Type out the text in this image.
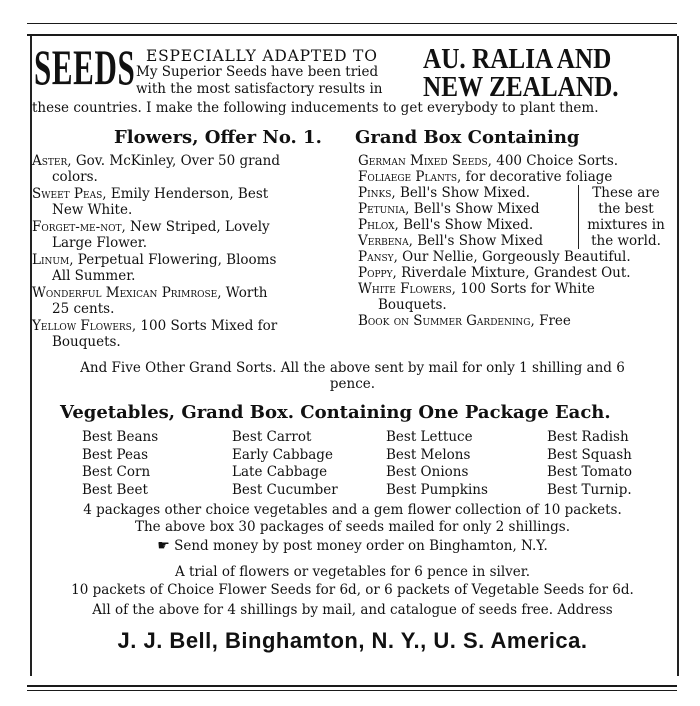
SEEDS ESPECIALLY ADAPTED TO
My Superior Seeds have been tried
with the most satisfactory results in
AU. RALIA AND
NEW ZEALAND.
these countries. I make the following inducements to get everybody to plant them.
Flowers, Offer No. 1. Grand Box Containing
Aster, Gov. McKinley, Over 50 grand
colors.
Sweet Peas, Emily Henderson, Best
New White.
Forget-me-not, New Striped, Lovely
Large Flower.
Linum, Perpetual Flowering, Blooms
All Summer.
Wonderful Mexican Primrose, Worth
25 cents.
Yellow Flowers, 100 Sorts Mixed for
Bouquets.
German Mixed Seeds, 400 Choice Sorts.
Foliaege Plants, for decorative foliage
Pinks, Bell's Show Mixed.
Petunia, Bell's Show Mixed
Phlox, Bell's Show Mixed.
Verbena, Bell's Show Mixed
These are
the best
mixtures in
the world.
Pansy, Our Nellie, Gorgeously Beautiful.
Poppy, Riverdale Mixture, Grandest Out.
White Flowers, 100 Sorts for White
Bouquets.
Book on Summer Gardening, Free
And Five Other Grand Sorts. All the above sent by mail for only 1 shilling and 6
pence.
Vegetables, Grand Box. Containing One Package Each.
Best Beans
Best Peas
Best Corn
Best Beet
Best Carrot
Early Cabbage
Late Cabbage
Best Cucumber
Best Lettuce
Best Melons
Best Onions
Best Pumpkins
Best Radish
Best Squash
Best Tomato
Best Turnip.
4 packages other choice vegetables and a gem flower collection of 10 packets.
The above box 30 packages of seeds mailed for only 2 shillings.
☛ Send money by post money order on Binghamton, N.Y.
A trial of flowers or vegetables for 6 pence in silver.
10 packets of Choice Flower Seeds for 6d, or 6 packets of Vegetable Seeds for 6d.
All of the above for 4 shillings by mail, and catalogue of seeds free. Address
J. J. Bell, Binghamton, N. Y., U. S. America.
